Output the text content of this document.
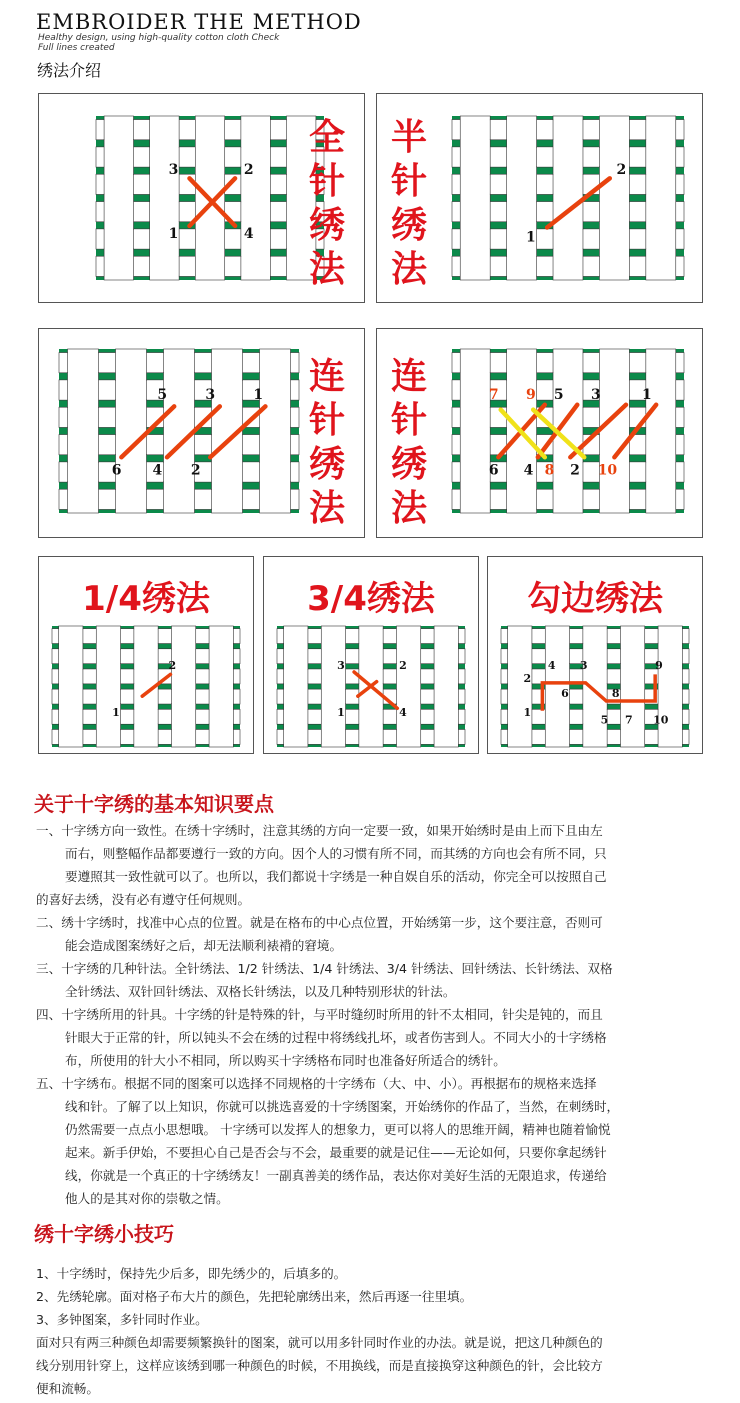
EMBROIDER THE METHOD
Healthy design, using high-quality cotton cloth Check
Full lines created
绣法介绍
3	2
1	4
全
针
绣
法
2
1
半
针
绣
法
5	3	1
6 4 2
连
针
绣
法
7 9 5 3	1
6 4 8 2 10
连
针
绣
法
1/4绣法
2
1
3/4绣法
3	2
1	4
勾边绣法
4 3	9
2
6	8
1
5 7 10
关于十字绣的基本知识要点
一、十字绣方向一致性。在绣十字绣时，注意其绣的方向一定要一致，如果开始绣时是由上而下且由左
而右，则整幅作品都要遵行一致的方向。因个人的习惯有所不同，而其绣的方向也会有所不同，只
要遵照其一致性就可以了。也所以，我们都说十字绣是一种自娱自乐的活动，你完全可以按照自己
的喜好去绣，没有必有遵守任何规则。
二、绣十字绣时，找准中心点的位置。就是在格布的中心点位置，开始绣第一步，这个要注意，否则可
能会造成图案绣好之后，却无法顺利裱褙的窘境。
三、十字绣的几种针法。全针绣法、1/2 针绣法、1/4 针绣法、3/4 针绣法、回针绣法、长针绣法、双格
全针绣法、双针回针绣法、双格长针绣法，以及几种特别形状的针法。
四、十字绣所用的针具。十字绣的针是特殊的针，与平时缝纫时所用的针不太相同，针尖是钝的，而且
针眼大于正常的针，所以钝头不会在绣的过程中将绣线扎坏，或者伤害到人。不同大小的十字绣格
布，所使用的针大小不相同，所以购买十字绣格布同时也准备好所适合的绣针。
五、十字绣布。根据不同的图案可以选择不同规格的十字绣布（大、中、小）。再根据布的规格来选择
线和针。了解了以上知识，你就可以挑选喜爱的十字绣图案，开始绣你的作品了，当然，在刺绣时，
仍然需要一点点小思想哦。 十字绣可以发挥人的想象力，更可以将人的思维开阔，精神也随着愉悦
起来。新手伊始，不要担心自己是否会与不会，最重要的就是记住——无论如何，只要你拿起绣针
线，你就是一个真正的十字绣绣友！一副真善美的绣作品，表达你对美好生活的无限追求，传递给
他人的是其对你的崇敬之情。
绣十字绣小技巧
1、十字绣时，保持先少后多，即先绣少的，后填多的。
2、先绣轮廓。面对格子布大片的颜色，先把轮廓绣出来，然后再逐一往里填。
3、多钟图案，多针同时作业。
面对只有两三种颜色却需要频繁换针的图案，就可以用多针同时作业的办法。就是说，把这几种颜色的
线分别用针穿上，这样应该绣到哪一种颜色的时候，不用换线，而是直接换穿这种颜色的针，会比较方
便和流畅。
